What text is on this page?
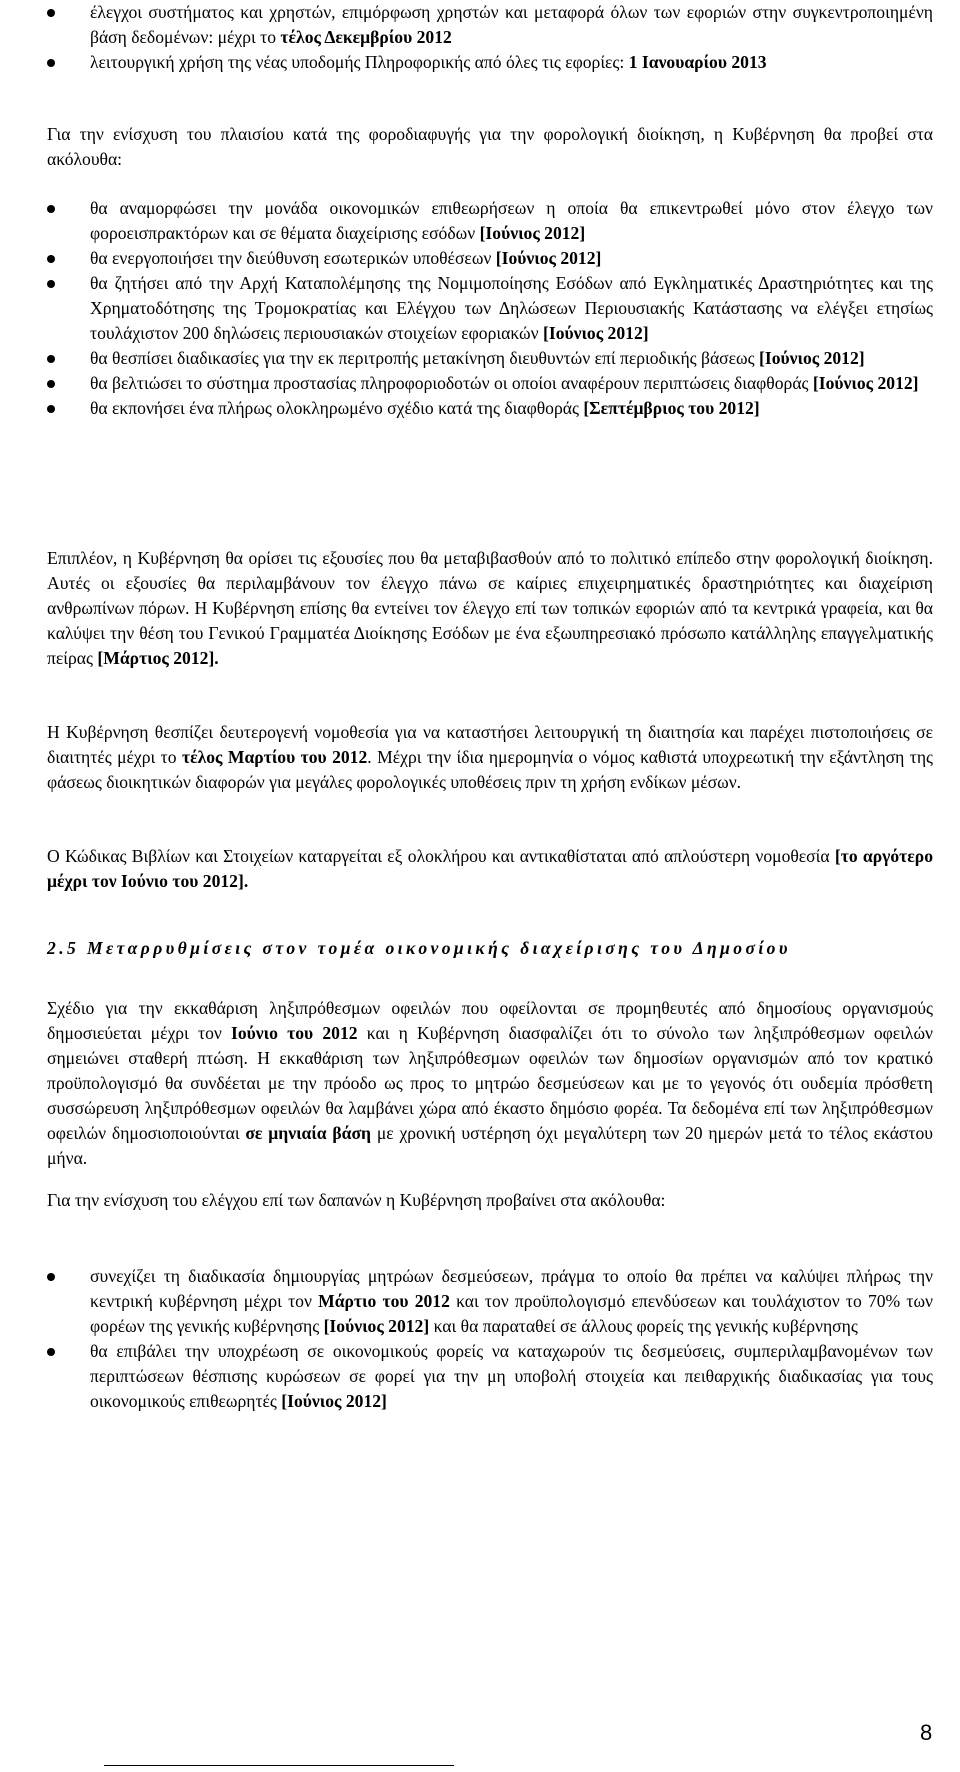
έλεγχοι συστήματος και χρηστών, επιμόρφωση χρηστών και μεταφορά όλων των εφοριών στην συγκεντροποιημένη βάση δεδομένων: μέχρι το τέλος Δεκεμβρίου 2012
λειτουργική χρήση της νέας υποδομής Πληροφορικής από όλες τις εφορίες: 1 Ιανουαρίου 2013

Για την ενίσχυση του πλαισίου κατά της φοροδιαφυγής για την φορολογική διοίκηση, η Κυβέρνηση θα προβεί στα ακόλουθα:

θα αναμορφώσει την μονάδα οικονομικών επιθεωρήσεων η οποία θα επικεντρωθεί μόνο στον έλεγχο των φοροεισπρακτόρων και σε θέματα διαχείρισης εσόδων [Ιούνιος 2012]
θα ενεργοποιήσει την διεύθυνση εσωτερικών υποθέσεων [Ιούνιος 2012]
θα ζητήσει από την Αρχή Καταπολέμησης της Νομιμοποίησης Εσόδων από Εγκληματικές Δραστηριότητες και της Χρηματοδότησης της Τρομοκρατίας και Ελέγχου των Δηλώσεων Περιουσιακής Κατάστασης να ελέγξει ετησίως τουλάχιστον 200 δηλώσεις περιουσιακών στοιχείων εφοριακών [Ιούνιος 2012]
θα θεσπίσει διαδικασίες για την εκ περιτροπής μετακίνηση διευθυντών επί περιοδικής βάσεως [Ιούνιος 2012]
θα βελτιώσει το σύστημα προστασίας πληροφοριοδοτών οι οποίοι αναφέρουν περιπτώσεις διαφθοράς [Ιούνιος 2012]
θα εκπονήσει ένα πλήρως ολοκληρωμένο σχέδιο κατά της διαφθοράς [Σεπτέμβριος του 2012]

Επιπλέον, η Κυβέρνηση θα ορίσει τις εξουσίες που θα μεταβιβασθούν από το πολιτικό επίπεδο στην φορολογική διοίκηση. Αυτές οι εξουσίες θα περιλαμβάνουν τον έλεγχο πάνω σε καίριες επιχειρηματικές δραστηριότητες και διαχείριση ανθρωπίνων πόρων. Η Κυβέρνηση επίσης θα εντείνει τον έλεγχο επί των τοπικών εφοριών από τα κεντρικά γραφεία, και θα καλύψει την θέση του Γενικού Γραμματέα Διοίκησης Εσόδων με ένα εξωυπηρεσιακό πρόσωπο κατάλληλης επαγγελματικής πείρας [Μάρτιος 2012].

Η Κυβέρνηση θεσπίζει δευτερογενή νομοθεσία για να καταστήσει λειτουργική τη διαιτησία και παρέχει πιστοποιήσεις σε διαιτητές μέχρι το τέλος Μαρτίου του 2012. Μέχρι την ίδια ημερομηνία ο νόμος καθιστά υποχρεωτική την εξάντληση της φάσεως διοικητικών διαφορών για μεγάλες φορολογικές υποθέσεις πριν τη χρήση ενδίκων μέσων.

Ο Κώδικας Βιβλίων και Στοιχείων καταργείται εξ ολοκλήρου και αντικαθίσταται από απλούστερη νομοθεσία [το αργότερο μέχρι τον Ιούνιο του 2012].

2.5 Μεταρρυθμίσεις στον τομέα οικονομικής διαχείρισης του Δημοσίου

Σχέδιο για την εκκαθάριση ληξιπρόθεσμων οφειλών που οφείλονται σε προμηθευτές από δημοσίους οργανισμούς δημοσιεύεται μέχρι τον Ιούνιο του 2012 και η Κυβέρνηση διασφαλίζει ότι το σύνολο των ληξιπρόθεσμων οφειλών σημειώνει σταθερή πτώση. Η εκκαθάριση των ληξιπρόθεσμων οφειλών των δημοσίων οργανισμών από τον κρατικό προϋπολογισμό θα συνδέεται με την πρόοδο ως προς το μητρώο δεσμεύσεων και με το γεγονός ότι ουδεμία πρόσθετη συσσώρευση ληξιπρόθεσμων οφειλών θα λαμβάνει χώρα από έκαστο δημόσιο φορέα. Τα δεδομένα επί των ληξιπρόθεσμων οφειλών δημοσιοποιούνται σε μηνιαία βάση με χρονική υστέρηση όχι μεγαλύτερη των 20 ημερών μετά το τέλος εκάστου μήνα.

Για την ενίσχυση του ελέγχου επί των δαπανών η Κυβέρνηση προβαίνει στα ακόλουθα:

συνεχίζει τη διαδικασία δημιουργίας μητρώων δεσμεύσεων, πράγμα το οποίο θα πρέπει να καλύψει πλήρως την κεντρική κυβέρνηση μέχρι τον Μάρτιο του 2012 και τον προϋπολογισμό επενδύσεων και τουλάχιστον το 70% των φορέων της γενικής κυβέρνησης [Ιούνιος 2012] και θα παραταθεί σε άλλους φορείς της γενικής κυβέρνησης
θα επιβάλει την υποχρέωση σε οικονομικούς φορείς να καταχωρούν τις δεσμεύσεις, συμπεριλαμβανομένων των περιπτώσεων θέσπισης κυρώσεων σε φορεί για την μη υποβολή στοιχεία και πειθαρχικής διαδικασίας για τους οικονομικούς επιθεωρητές [Ιούνιος 2012]
8
